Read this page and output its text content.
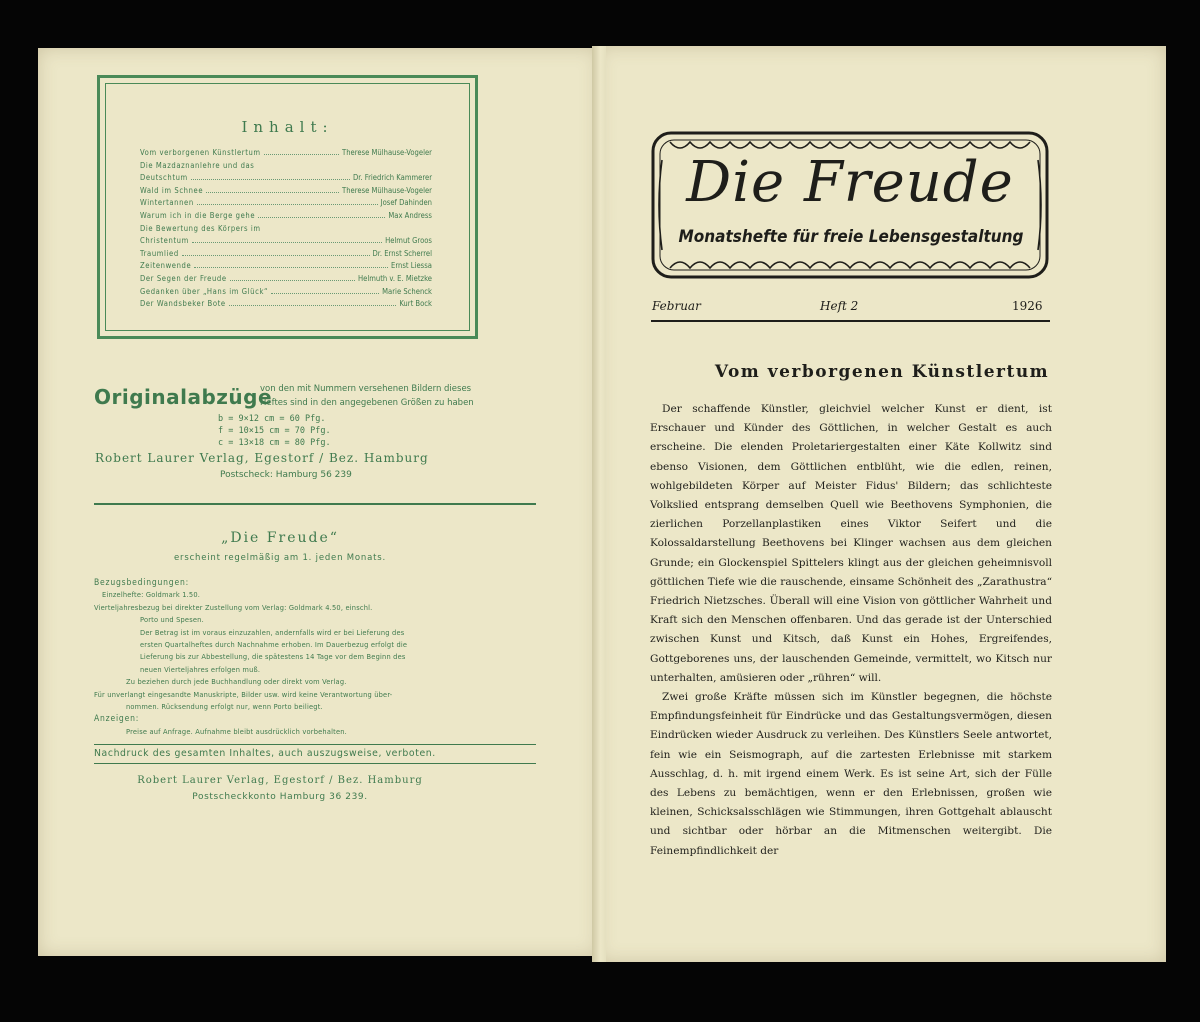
Inhalt:
Vom verborgenen Künstlertum	Therese Mülhause-Vogeler
Die Mazdaznanlehre und das
Deutschtum	Dr. Friedrich Kammerer
Wald im Schnee	Therese Mülhause-Vogeler
Wintertannen	Josef Dahinden
Warum ich in die Berge gehe	Max Andress
Die Bewertung des Körpers im
Christentum	Helmut Groos
Traumlied	Dr. Ernst Scherrel
Zeitenwende	Ernst Liessa
Der Segen der Freude	Helmuth v. E. Mietzke
Gedanken über „Hans im Glück“	Marie Schenck
Der Wandsbeker Bote	Kurt Bock
Originalabzüge
von den mit Nummern versehenen Bildern dieses
Heftes sind in den angegebenen Größen zu haben
b = 9×12 cm = 60 Pfg.
f = 10×15 cm = 70 Pfg.
c = 13×18 cm = 80 Pfg.
Robert Laurer Verlag, Egestorf / Bez. Hamburg
Postscheck: Hamburg 56 239
„Die Freude“
erscheint regelmäßig am 1. jeden Monats.
Bezugsbedingungen:
Einzelhefte: Goldmark 1.50.
Vierteljahresbezug bei direkter Zustellung vom Verlag: Goldmark 4.50, einschl.
Porto und Spesen.
Der Betrag ist im voraus einzuzahlen, andernfalls wird er bei Lieferung des
ersten Quartalheftes durch Nachnahme erhoben. Im Dauerbezug erfolgt die
Lieferung bis zur Abbestellung, die spätestens 14 Tage vor dem Beginn des
neuen Vierteljahres erfolgen muß.
Zu beziehen durch jede Buchhandlung oder direkt vom Verlag.
Für unverlangt eingesandte Manuskripte, Bilder usw. wird keine Verantwortung über-
nommen. Rücksendung erfolgt nur, wenn Porto beiliegt.
Anzeigen:
Preise auf Anfrage. Aufnahme bleibt ausdrücklich vorbehalten.
Nachdruck des gesamten Inhaltes, auch auszugsweise, verboten.
Robert Laurer Verlag, Egestorf / Bez. Hamburg
Postscheckkonto Hamburg 36 239.
Die Freude
Monatshefte für freie Lebensgestaltung
Februar	Heft 2	1926
Vom verborgenen Künstlertum

Der schaffende Künstler, gleichviel welcher Kunst er dient, ist Erschauer und Künder des Göttlichen, in welcher Gestalt es auch erscheine. Die elenden Proletariergestalten einer Käte Kollwitz sind ebenso Visionen, dem Göttlichen entblüht, wie die edlen, reinen, wohlgebildeten Körper auf Meister Fidus' Bildern; das schlichteste Volkslied entsprang demselben Quell wie Beethovens Symphonien, die zierlichen Porzellanplastiken eines Viktor Seifert und die Kolossaldarstellung Beethovens bei Klinger wachsen aus dem gleichen Grunde; ein Glockenspiel Spittelers klingt aus der gleichen geheimnisvoll göttlichen Tiefe wie die rauschende, einsame Schönheit des „Zarathustra“ Friedrich Nietzsches. Überall will eine Vision von göttlicher Wahrheit und Kraft sich den Menschen offenbaren. Und das gerade ist der Unterschied zwischen Kunst und Kitsch, daß Kunst ein Hohes, Ergreifendes, Gottgeborenes uns, der lauschenden Gemeinde, vermittelt, wo Kitsch nur unterhalten, amüsieren oder „rühren“ will.

Zwei große Kräfte müssen sich im Künstler begegnen, die höchste Empfindungsfeinheit für Eindrücke und das Gestaltungsvermögen, diesen Eindrücken wieder Ausdruck zu verleihen. Des Künstlers Seele antwortet, fein wie ein Seismograph, auf die zartesten Erlebnisse mit starkem Ausschlag, d. h. mit irgend einem Werk. Es ist seine Art, sich der Fülle des Lebens zu bemächtigen, wenn er den Erlebnissen, großen wie kleinen, Schicksalsschlägen wie Stimmungen, ihren Gottgehalt ablauscht und sichtbar oder hörbar an die Mitmenschen weitergibt. Die Feinempfindlichkeit der
